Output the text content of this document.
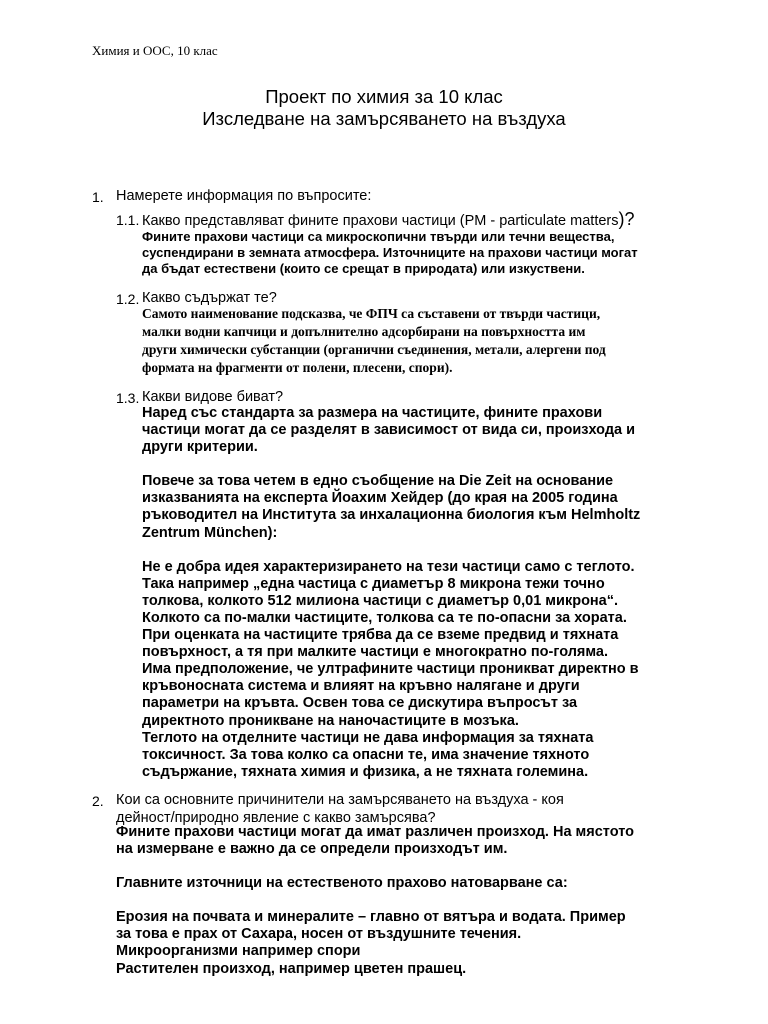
Химия и ООС, 10 клас
Проект по химия за 10 клас
Изследване на замърсяването на въздуха
1. Намерете информация по въпросите:
1.1. Какво представляват фините прахови частици (PM - particulate matters)?
Фините прахови частици са микроскопични твърди или течни вещества,
суспендирани в земната атмосфера. Източниците на прахови частици могат
да бъдат естествени (които се срещат в природата) или изкуствени.
1.2. Какво съдържат те?
Самото наименование подсказва, че ФПЧ са съставени от твърди частици,
малки водни капчици и допълнително адсорбирани на повърхността им
други химически субстанции (органични съединения, метали, алергени под
формата на фрагменти от полени, плесени, спори).
1.3. Какви видове биват?
Наред със стандарта за размера на частиците, фините прахови
частици могат да се разделят в зависимост от вида си, произхода и
други критерии.
Повече за това четем в едно съобщение на Die Zeit на основание
изказванията на експерта Йоахим Хейдер (до края на 2005 година
ръководител на Института за инхалационна биология към Helmholtz
Zentrum München):
Не е добра идея характеризирането на тези частици само с теглото.
Така например „една частица с диаметър 8 микрона тежи точно
толкова, колкото 512 милиона частици с диаметър 0,01 микрона“.
Колкото са по-малки частиците, толкова са те по-опасни за хората.
При оценката на частиците трябва да се вземе предвид и тяхната
повърхност, а тя при малките частици е многократно по-голяма.
Има предположение, че ултрафините частици проникват директно в
кръвоносната система и влияят на кръвно налягане и други
параметри на кръвта. Освен това се дискутира въпросът за
директното проникване на наночастиците в мозъка.
Теглото на отделните частици не дава информация за тяхната
токсичност. За това колко са опасни те, има значение тяхното
съдържание, тяхната химия и физика, а не тяхната големина.
2. Кои са основните причинители на замърсяването на въздуха - коя
дейност/природно явление с какво замърсява?
Фините прахови частици могат да имат различен произход. На мястото
на измерване е важно да се определи произходът им.
Главните източници на естественото прахово натоварване са:
Ерозия на почвата и минералите – главно от вятъра и водата. Пример
за това е прах от Сахара, носен от въздушните течения.
Микроорганизми например спори
Растителен произход, например цветен прашец.
